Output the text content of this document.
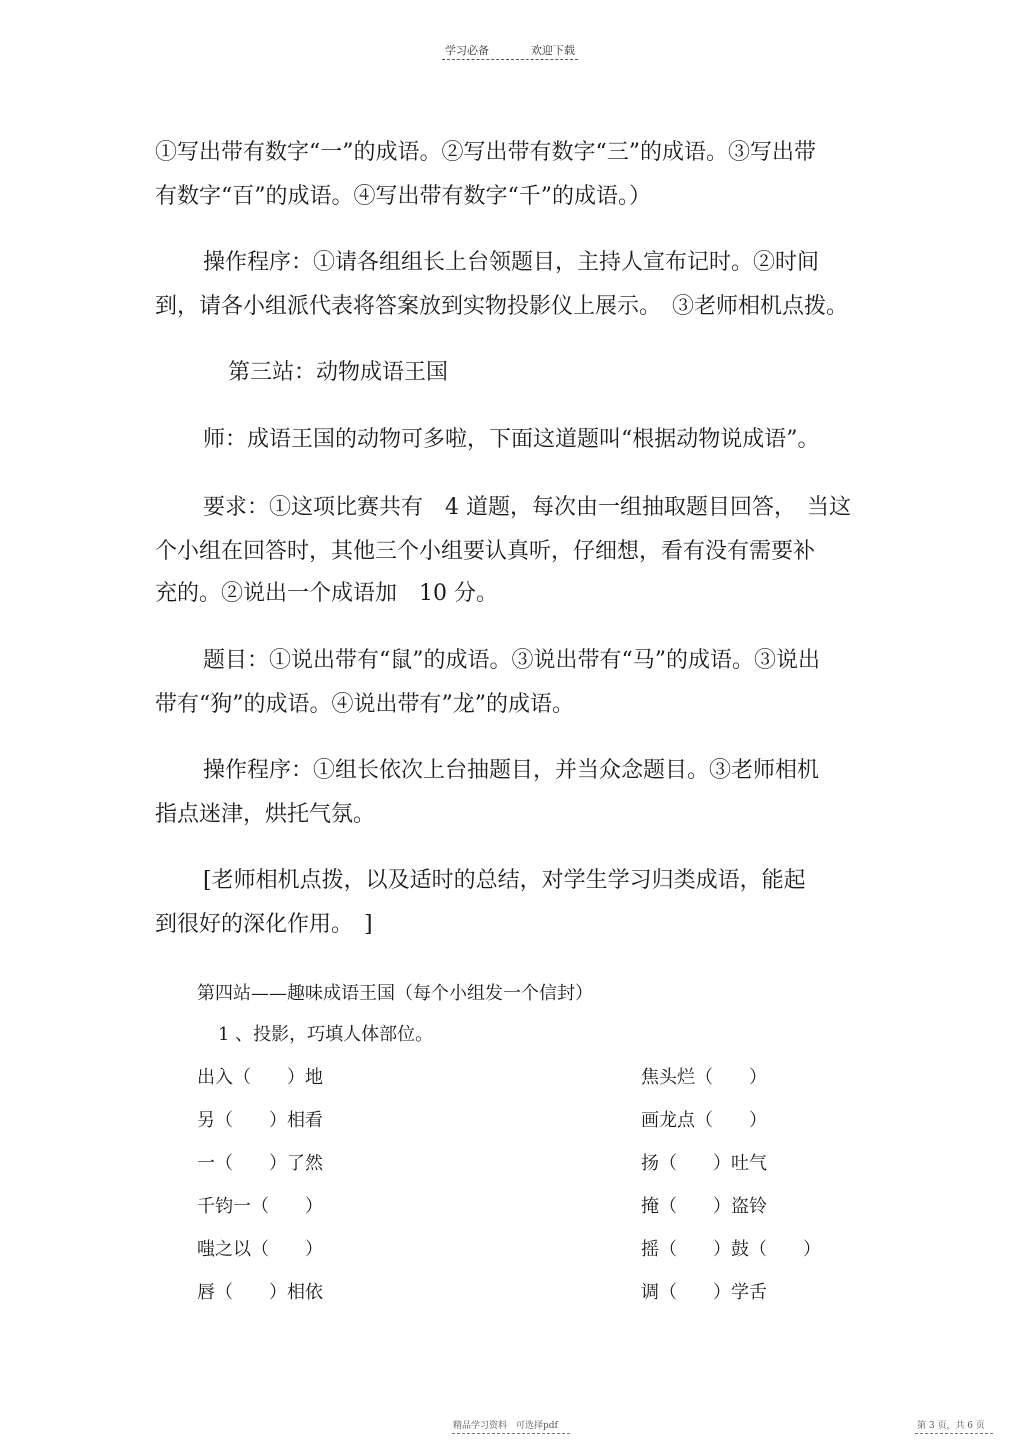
学习必备	欢迎下载
①写出带有数字“一”的成语。②写出带有数字“三”的成语。③写出带
有数字“百”的成语。④写出带有数字“千”的成语。）
操作程序：①请各组组长上台领题目，主持人宣布记时。②时间
到，请各小组派代表将答案放到实物投影仪上展示。　③老师相机点拨。
第三站：动物成语王国
师：成语王国的动物可多啦，下面这道题叫“根据动物说成语”。
要求：①这项比赛共有　4 道题，每次由一组抽取题目回答，　当这
个小组在回答时，其他三个小组要认真听，仔细想，看有没有需要补
充的。②说出一个成语加　10 分。
题目：①说出带有“鼠”的成语。③说出带有“马”的成语。③说出
带有“狗”的成语。④说出带有”龙”的成语。
操作程序：①组长依次上台抽题目，并当众念题目。③老师相机
指点迷津，烘托气氛。
[老师相机点拨，以及适时的总结，对学生学习归类成语，能起
到很好的深化作用。　]
第四站——趣味成语王国（每个小组发一个信封）
1 、投影，巧填人体部位。
出入（　　）地
另（　　）相看
一（　　）了然
千钧一（　　）
嗤之以（　　）
唇（　　）相依
焦头烂（　　）
画龙点（　　）
扬（　　）吐气
掩（　　）盗铃
摇（　　）鼓（　　）
调（　　）学舌
精品学习资料　可选择pdf	第 3 页，共 6 页
